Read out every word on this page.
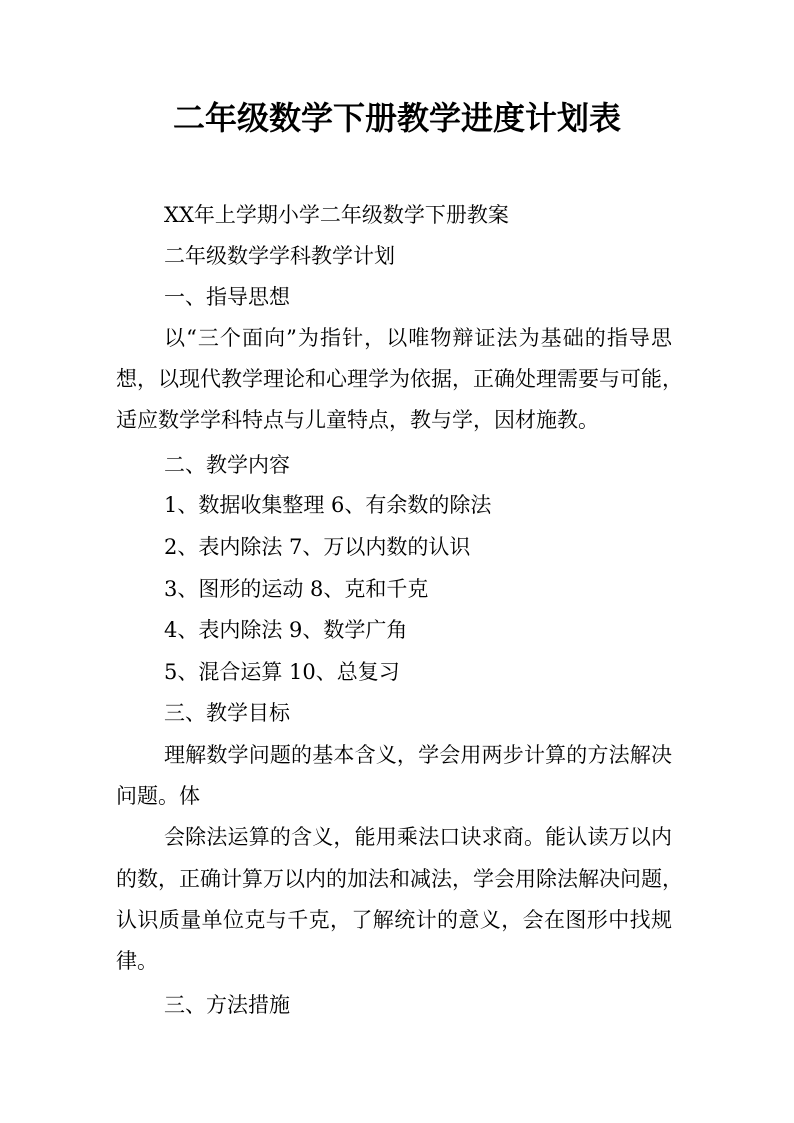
二年级数学下册教学进度计划表
XX年上学期小学二年级数学下册教案
二年级数学学科教学计划
一、指导思想
以“三个面向”为指针，以唯物辩证法为基础的指导思
想，以现代教学理论和心理学为依据，正确处理需要与可能，
适应数学学科特点与儿童特点，教与学，因材施教。
二、教学内容
1、数据收集整理 6、有余数的除法
2、表内除法 7、万以内数的认识
3、图形的运动 8、克和千克
4、表内除法 9、数学广角
5、混合运算 10、总复习
三、教学目标
理解数学问题的基本含义，学会用两步计算的方法解决
问题。体
会除法运算的含义，能用乘法口诀求商。能认读万以内
的数，正确计算万以内的加法和减法，学会用除法解决问题，
认识质量单位克与千克，了解统计的意义，会在图形中找规
律。
三、方法措施
